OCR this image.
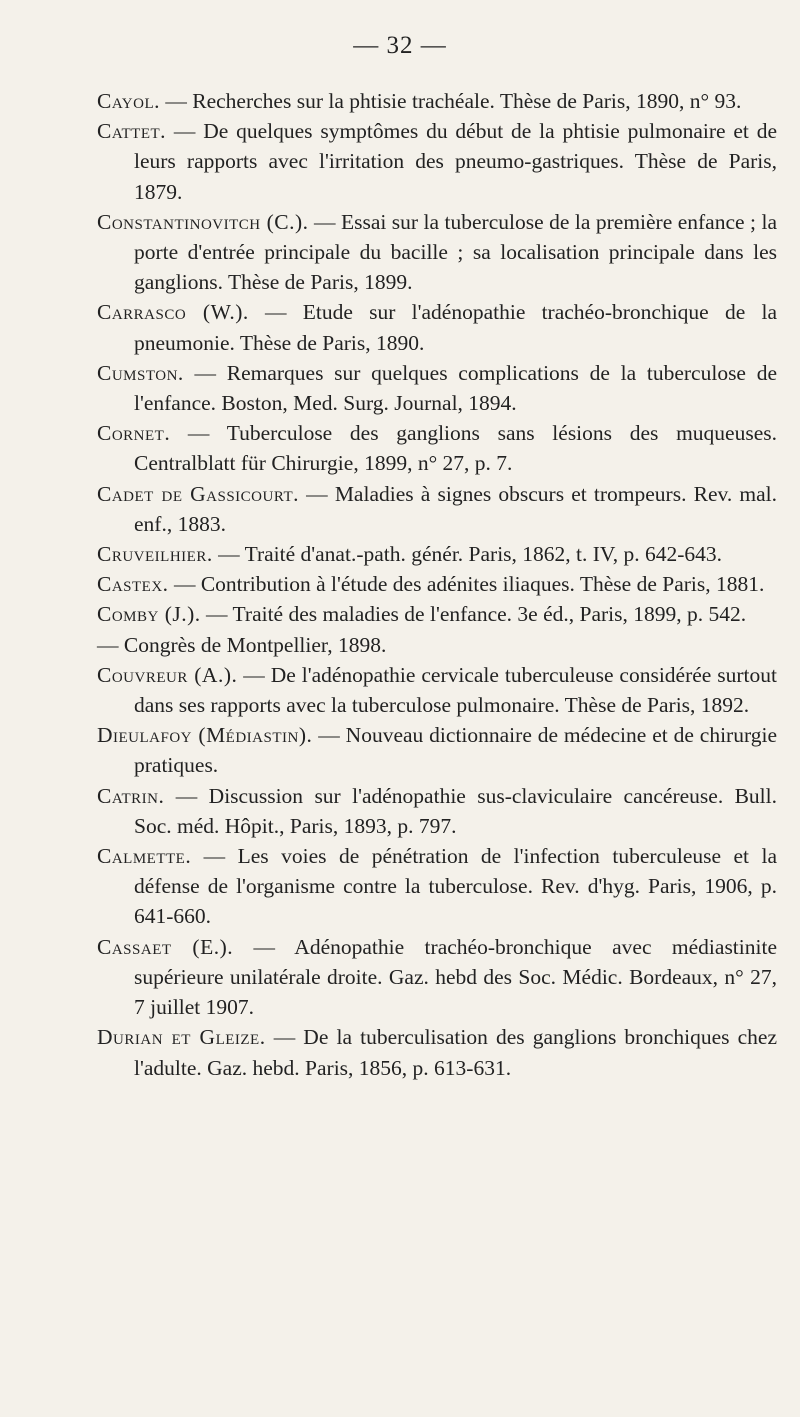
— 32 —

Cayol. — Recherches sur la phtisie trachéale. Thèse de Paris, 1890, n° 93.

Cattet. — De quelques symptômes du début de la phtisie pulmonaire et de leurs rapports avec l'irritation des pneumo-gastriques. Thèse de Paris, 1879.

Constantinovitch (C.). — Essai sur la tuberculose de la première enfance ; la porte d'entrée principale du bacille ; sa localisation principale dans les ganglions. Thèse de Paris, 1899.

Carrasco (W.). — Etude sur l'adénopathie trachéo-bronchique de la pneumonie. Thèse de Paris, 1890.

Cumston. — Remarques sur quelques complications de la tuberculose de l'enfance. Boston, Med. Surg. Journal, 1894.

Cornet. — Tuberculose des ganglions sans lésions des muqueuses. Centralblatt für Chirurgie, 1899, n° 27, p. 7.

Cadet de Gassicourt. — Maladies à signes obscurs et trompeurs. Rev. mal. enf., 1883.

Cruveilhier. — Traité d'anat.-path. génér. Paris, 1862, t. IV, p. 642-643.

Castex. — Contribution à l'étude des adénites iliaques. Thèse de Paris, 1881.

Comby (J.). — Traité des maladies de l'enfance. 3e éd., Paris, 1899, p. 542.

— Congrès de Montpellier, 1898.

Couvreur (A.). — De l'adénopathie cervicale tuberculeuse considérée surtout dans ses rapports avec la tuberculose pulmonaire. Thèse de Paris, 1892.

Dieulafoy (Médiastin). — Nouveau dictionnaire de médecine et de chirurgie pratiques.

Catrin. — Discussion sur l'adénopathie sus-claviculaire cancéreuse. Bull. Soc. méd. Hôpit., Paris, 1893, p. 797.

Calmette. — Les voies de pénétration de l'infection tuberculeuse et la défense de l'organisme contre la tuberculose. Rev. d'hyg. Paris, 1906, p. 641-660.

Cassaet (E.). — Adénopathie trachéo-bronchique avec médiastinite supérieure unilatérale droite. Gaz. hebd des Soc. Médic. Bordeaux, n° 27, 7 juillet 1907.

Durian et Gleize. — De la tuberculisation des ganglions bronchiques chez l'adulte. Gaz. hebd. Paris, 1856, p. 613-631.
